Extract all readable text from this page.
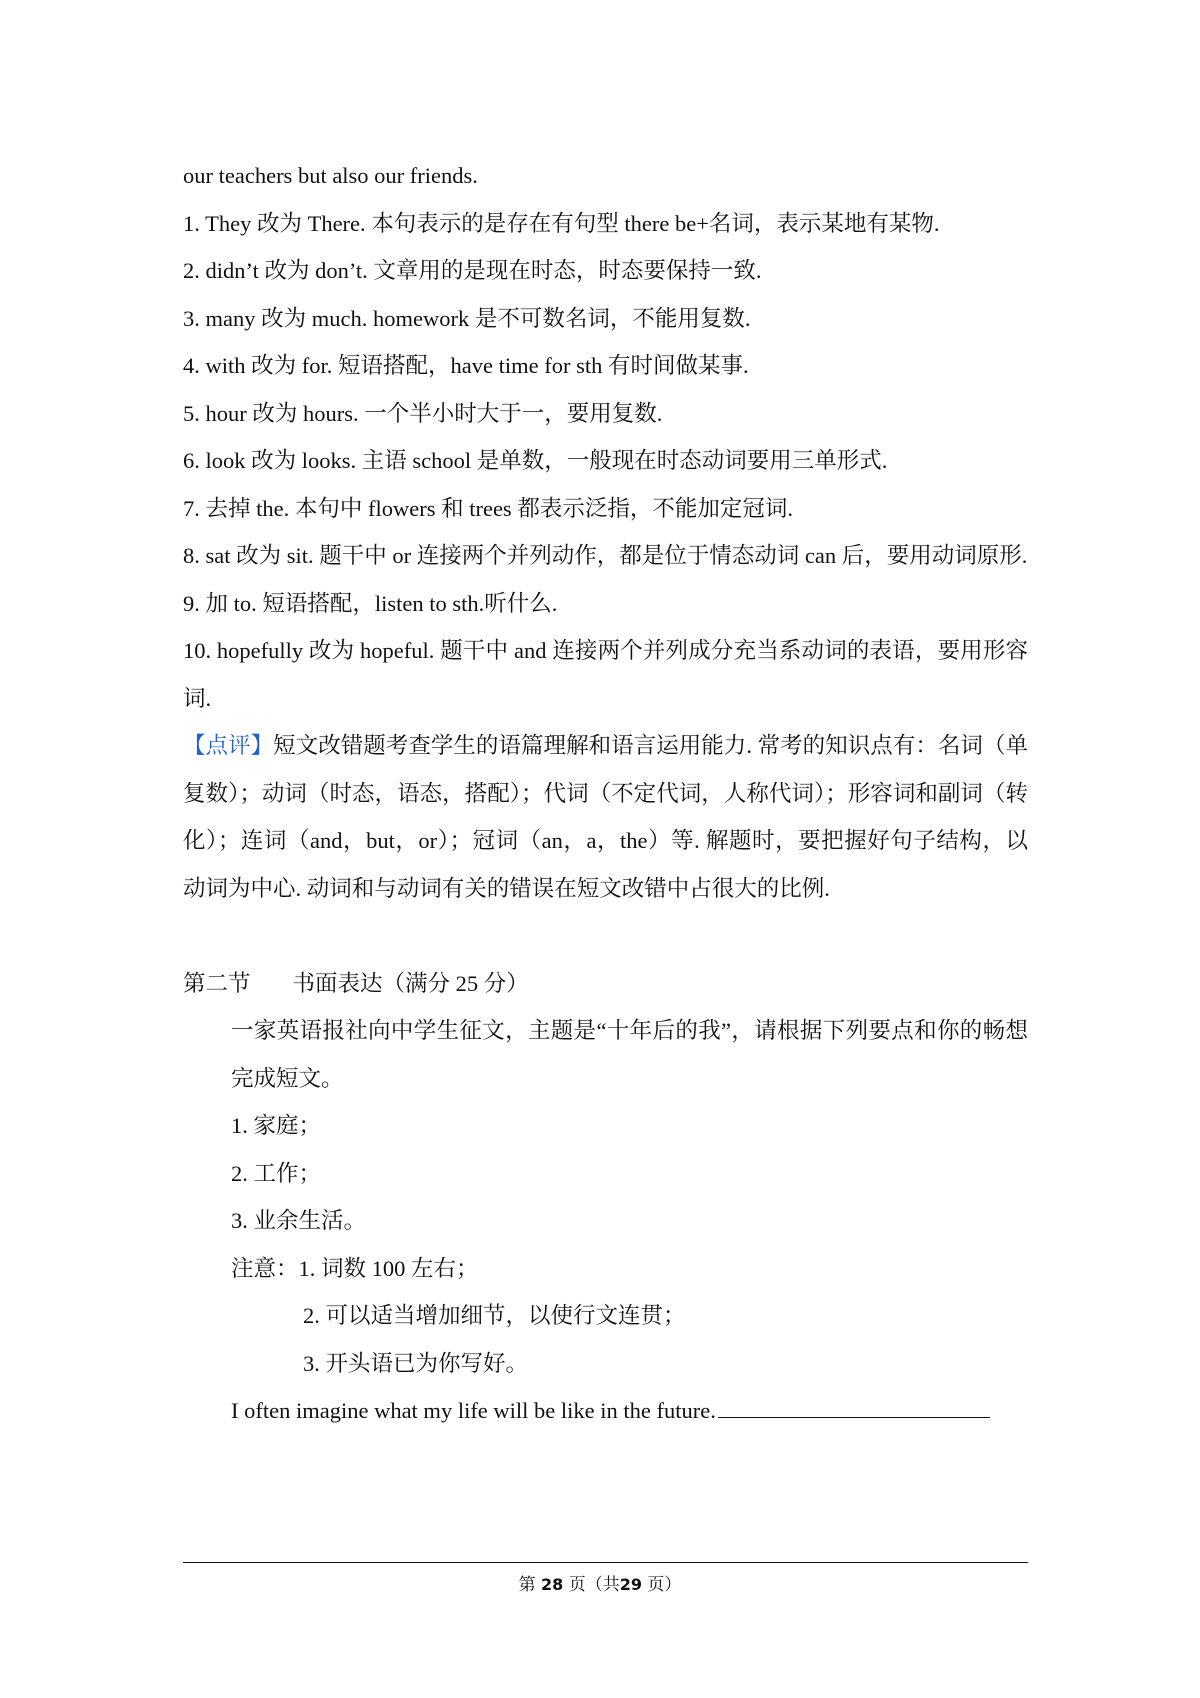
our teachers but also our friends.
1. They 改为 There. 本句表示的是存在有句型 there be+名词，表示某地有某物.
2. didn’t 改为 don’t. 文章用的是现在时态，时态要保持一致.
3. many 改为 much. homework 是不可数名词，不能用复数.
4. with 改为 for. 短语搭配，have time for sth 有时间做某事.
5. hour 改为 hours. 一个半小时大于一，要用复数.
6. look 改为 looks. 主语 school 是单数，一般现在时态动词要用三单形式.
7. 去掉 the. 本句中 flowers 和 trees 都表示泛指，不能加定冠词.
8. sat 改为 sit. 题干中 or 连接两个并列动作，都是位于情态动词 can 后，要用动词原形.
9. 加 to. 短语搭配，listen to sth.听什么.
10. hopefully 改为 hopeful. 题干中 and 连接两个并列成分充当系动词的表语，要用形容词.
【点评】短文改错题考查学生的语篇理解和语言运用能力. 常考的知识点有：名词（单复数）；动词（时态，语态，搭配）；代词（不定代词，人称代词）；形容词和副词（转化）；连词（and，but，or）；冠词（an，a，the）等. 解题时，要把握好句子结构，以动词为中心. 动词和与动词有关的错误在短文改错中占很大的比例.
第二节 书面表达（满分 25 分）
一家英语报社向中学生征文，主题是“十年后的我”，请根据下列要点和你的畅想完成短文。
1. 家庭；
2. 工作；
3. 业余生活。
注意：1. 词数 100 左右；
2. 可以适当增加细节，以使行文连贯；
3. 开头语已为你写好。
I often imagine what my life will be like in the future.
第 28 页（共29 页）
